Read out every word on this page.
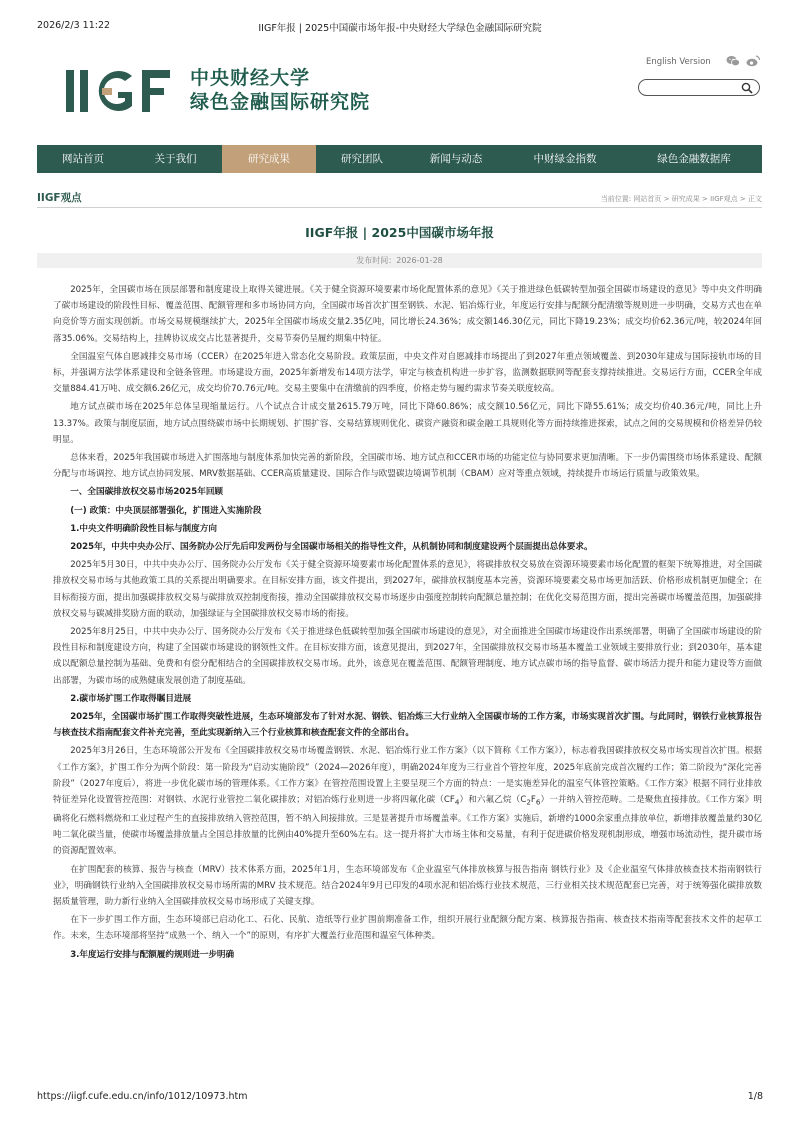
2026/2/3 11:22	IIGF年报 | 2025中国碳市场年报-中央财经大学绿色金融国际研究院
中央财经大学
绿色金融国际研究院
English Version
网站首页	关于我们	研究成果	研究团队	新闻与动态	中财绿金指数	绿色金融数据库
IIGF观点	当前位置: 网站首页 > 研究成果 > IIGF观点 > 正文
IIGF年报 | 2025中国碳市场年报
发布时间：2026-01-28

2025年，全国碳市场在顶层部署和制度建设上取得关键进展。《关于健全资源环境要素市场化配置体系的意见》《关于推进绿色低碳转型加强全国碳市场建设的意见》等中央文件明确了碳市场建设的阶段性目标、覆盖范围、配额管理和多市场协同方向，全国碳市场首次扩围至钢铁、水泥、铝冶炼行业，年度运行安排与配额分配清缴等规则进一步明确，交易方式也在单向竞价等方面实现创新。市场交易规模继续扩大，2025年全国碳市场成交量2.35亿吨，同比增长24.36%；成交额146.30亿元，同比下降19.23%；成交均价62.36元/吨，较2024年回落35.06%。交易结构上，挂牌协议成交占比显著提升，交易节奏仍呈履约期集中特征。

全国温室气体自愿减排交易市场（CCER）在2025年进入常态化交易阶段。政策层面，中央文件对自愿减排市场提出了到2027年重点领域覆盖、到2030年建成与国际接轨市场的目标，并强调方法学体系建设和全链条管理。市场建设方面，2025年新增发布14项方法学，审定与核查机构进一步扩容，监测数据联网等配套支撑持续推进。交易运行方面，CCER全年成交量884.41万吨、成交额6.26亿元，成交均价70.76元/吨。交易主要集中在清缴前的四季度，价格走势与履约需求节奏关联度较高。

地方试点碳市场在2025年总体呈现缩量运行。八个试点合计成交量2615.79万吨，同比下降60.86%；成交额10.56亿元，同比下降55.61%；成交均价40.36元/吨，同比上升13.37%。政策与制度层面，地方试点围绕碳市场中长期规划、扩围扩容、交易结算规则优化、碳资产融资和碳金融工具规则化等方面持续推进探索，试点之间的交易规模和价格差异仍较明显。

总体来看，2025年我国碳市场进入扩围落地与制度体系加快完善的新阶段，全国碳市场、地方试点和CCER市场的功能定位与协同要求更加清晰。下一步仍需围绕市场体系建设、配额分配与市场调控、地方试点协同发展、MRV数据基础、CCER高质量建设、国际合作与欧盟碳边境调节机制（CBAM）应对等重点领域，持续提升市场运行质量与政策效果。

一、全国碳排放权交易市场2025年回顾

(一) 政策：中央顶层部署强化，扩围进入实施阶段

1.中央文件明确阶段性目标与制度方向

2025年，中共中央办公厅、国务院办公厅先后印发两份与全国碳市场相关的指导性文件，从机制协同和制度建设两个层面提出总体要求。

2025年5月30日，中共中央办公厅、国务院办公厅发布《关于健全资源环境要素市场化配置体系的意见》，将碳排放权交易放在资源环境要素市场化配置的框架下统筹推进，对全国碳排放权交易市场与其他政策工具的关系提出明确要求。在目标安排方面，该文件提出，到2027年，碳排放权制度基本完善，资源环境要素交易市场更加活跃、价格形成机制更加健全；在目标衔接方面，提出加强碳排放权交易与碳排放双控制度衔接，推动全国碳排放权交易市场逐步由强度控制转向配额总量控制；在优化交易范围方面，提出完善碳市场覆盖范围，加强碳排放权交易与碳减排奖励方面的联动，加强绿证与全国碳排放权交易市场的衔接。

2025年8月25日，中共中央办公厅、国务院办公厅发布《关于推进绿色低碳转型加强全国碳市场建设的意见》，对全面推进全国碳市场建设作出系统部署，明确了全国碳市场建设的阶段性目标和制度建设方向，构建了全国碳市场建设的钢领性文件。在目标安排方面，该意见提出，到2027年，全国碳排放权交易市场基本覆盖工业领域主要排放行业；到2030年，基本建成以配额总量控制为基础、免费和有偿分配相结合的全国碳排放权交易市场。此外，该意见在覆盖范围、配额管理制度、地方试点碳市场的指导监督、碳市场活力提升和能力建设等方面做出部署，为碳市场的成熟健康发展创造了制度基础。

2.碳市场扩围工作取得瞩目进展

2025年，全国碳市场扩围工作取得突破性进展，生态环境部发布了针对水泥、钢铁、铝冶炼三大行业纳入全国碳市场的工作方案，市场实现首次扩围。与此同时，钢铁行业核算报告与核查技术指南配套文件补充完善，至此实现新纳入三个行业核算和核查配套文件的全部出台。

2025年3月26日，生态环境部公开发布《全国碳排放权交易市场覆盖钢铁、水泥、铝冶炼行业工作方案》（以下简称《工作方案》），标志着我国碳排放权交易市场实现首次扩围。根据《工作方案》，扩围工作分为两个阶段：第一阶段为“启动实施阶段”（2024—2026年度），明确2024年度为三行业首个管控年度，2025年底前完成首次履约工作；第二阶段为“深化完善阶段”（2027年度后），将进一步优化碳市场的管理体系。《工作方案》在管控范围设置上主要呈现三个方面的特点：一是实施差异化的温室气体管控策略。《工作方案》根据不同行业排放特征差异化设置管控范围：对钢铁、水泥行业管控二氧化碳排放；对铝冶炼行业则进一步将四氟化碳$(CF_4)$和六氟乙烷$(C_2F_6)$一并纳入管控范畴。二是聚焦直接排放。《工作方案》明确将化石燃料燃烧和工业过程产生的直接排放纳入管控范围，暂不纳入间接排放。三是显著提升市场覆盖率。《工作方案》实施后，新增约1000余家重点排放单位，新增排放覆盖量约30亿吨二氧化碳当量，使碳市场覆盖排放量占全国总排放量的比例由40%提升至60%左右。这一提升将扩大市场主体和交易量，有利于促进碳价格发现机制形成，增强市场流动性，提升碳市场的资源配置效率。

在扩围配套的核算、报告与核查（MRV）技术体系方面，2025年1月，生态环境部发布《企业温室气体排放核算与报告指南 钢铁行业》及《企业温室气体排放核查技术指南钢铁行业》，明确钢铁行业纳入全国碳排放权交易市场所需的MRV 技术规范。结合2024年9月已印发的4项水泥和铝冶炼行业技术规范，三行业相关技术规范配套已完善，对于统筹强化碳排放数据质量管理，助力新行业纳入全国碳排放权交易市场形成了关键支撑。

在下一步扩围工作方面，生态环境部已启动化工、石化、民航、造纸等行业扩围前期准备工作，组织开展行业配额分配方案、核算报告指南、核查技术指南等配套技术文件的起草工作。未来，生态环境部将坚持“成熟一个、纳入一个”的原则，有序扩大覆盖行业范围和温室气体种类。

3.年度运行安排与配额履约规则进一步明确

https://iigf.cufe.edu.cn/info/1012/10973.htm	1/8
